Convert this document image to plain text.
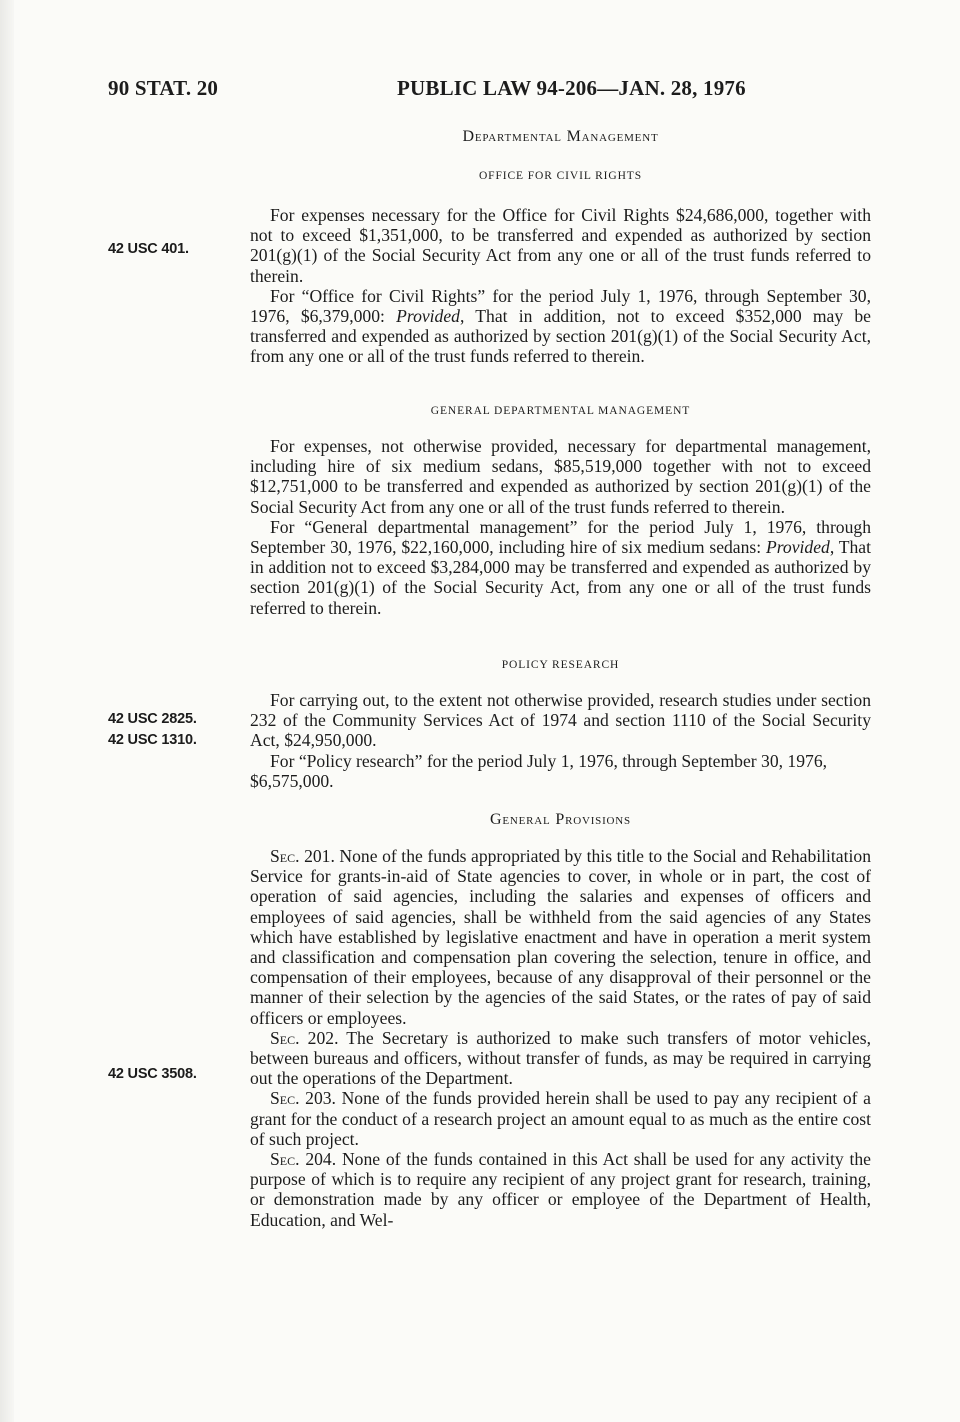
90 STAT. 20	PUBLIC LAW 94-206—JAN. 28, 1976
Departmental Management
OFFICE FOR CIVIL RIGHTS
42 USC 401.

For expenses necessary for the Office for Civil Rights $24,686,000, together with not to exceed $1,351,000, to be transferred and expended as authorized by section 201(g)(1) of the Social Security Act from any one or all of the trust funds referred to therein.

For “Office for Civil Rights” for the period July 1, 1976, through September 30, 1976, $6,379,000: Provided, That in addition, not to exceed $352,000 may be transferred and expended as authorized by section 201(g)(1) of the Social Security Act, from any one or all of the trust funds referred to therein.

GENERAL DEPARTMENTAL MANAGEMENT

For expenses, not otherwise provided, necessary for departmental management, including hire of six medium sedans, $85,519,000 together with not to exceed $12,751,000 to be transferred and expended as authorized by section 201(g)(1) of the Social Security Act from any one or all of the trust funds referred to therein.

For “General departmental management” for the period July 1, 1976, through September 30, 1976, $22,160,000, including hire of six medium sedans: Provided, That in addition not to exceed $3,284,000 may be transferred and expended as authorized by section 201(g)(1) of the Social Security Act, from any one or all of the trust funds referred to therein.

POLICY RESEARCH
42 USC 2825.
42 USC 1310.

For carrying out, to the extent not otherwise provided, research studies under section 232 of the Community Services Act of 1974 and section 1110 of the Social Security Act, $24,950,000.

For “Policy research” for the period July 1, 1976, through September 30, 1976, $6,575,000.

General Provisions
42 USC 3508.

Sec. 201. None of the funds appropriated by this title to the Social and Rehabilitation Service for grants-in-aid of State agencies to cover, in whole or in part, the cost of operation of said agencies, including the salaries and expenses of officers and employees of said agencies, shall be withheld from the said agencies of any States which have established by legislative enactment and have in operation a merit system and classification and compensation plan covering the selection, tenure in office, and compensation of their employees, because of any disapproval of their personnel or the manner of their selection by the agencies of the said States, or the rates of pay of said officers or employees.

Sec. 202. The Secretary is authorized to make such transfers of motor vehicles, between bureaus and officers, without transfer of funds, as may be required in carrying out the operations of the Department.

Sec. 203. None of the funds provided herein shall be used to pay any recipient of a grant for the conduct of a research project an amount equal to as much as the entire cost of such project.

Sec. 204. None of the funds contained in this Act shall be used for any activity the purpose of which is to require any recipient of any project grant for research, training, or demonstration made by any officer or employee of the Department of Health, Education, and Wel-
